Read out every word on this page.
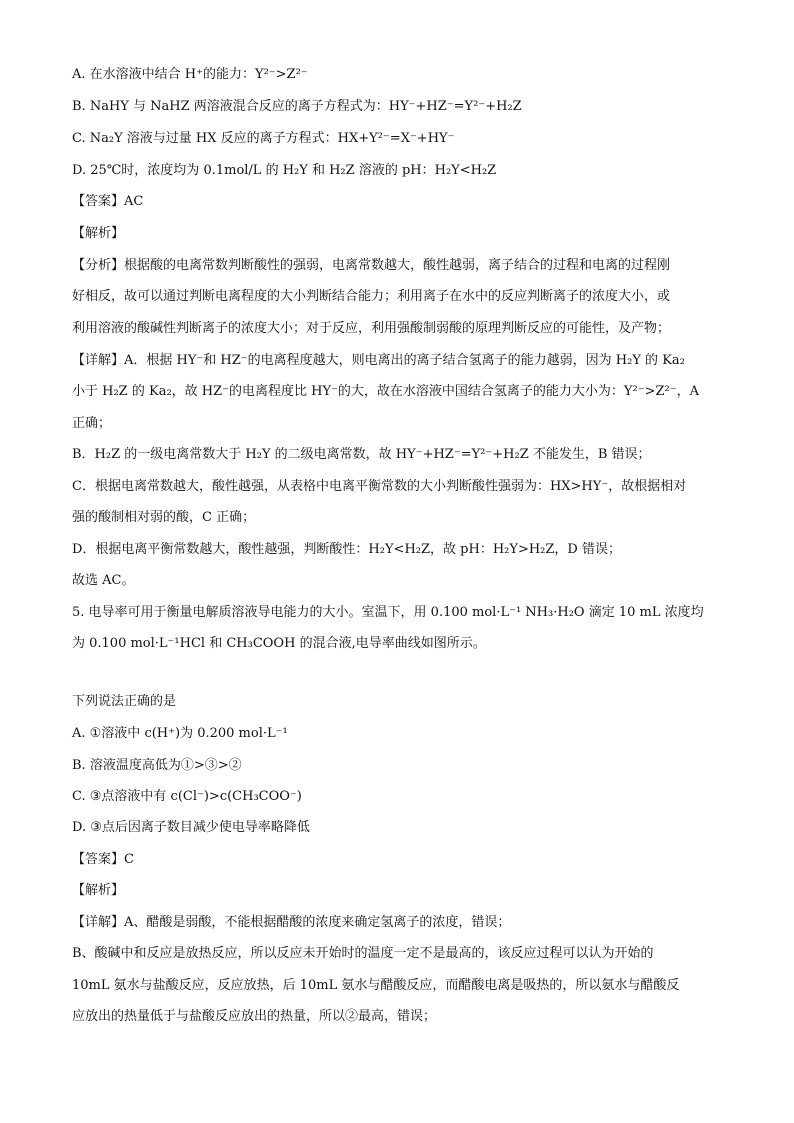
A. 在水溶液中结合 H⁺的能力：Y²⁻>Z²⁻
B. NaHY 与 NaHZ 两溶液混合反应的离子方程式为：HY⁻+HZ⁻=Y²⁻+H₂Z
C. Na₂Y 溶液与过量 HX 反应的离子方程式：HX+Y²⁻=X⁻+HY⁻
D. 25℃时，浓度均为 0.1mol/L 的 H₂Y 和 H₂Z 溶液的 pH：H₂Y<H₂Z
【答案】AC
【解析】
【分析】根据酸的电离常数判断酸性的强弱，电离常数越大，酸性越弱，离子结合的过程和电离的过程刚
好相反，故可以通过判断电离程度的大小判断结合能力；利用离子在水中的反应判断离子的浓度大小，或
利用溶液的酸碱性判断离子的浓度大小；对于反应，利用强酸制弱酸的原理判断反应的可能性，及产物；
【详解】A．根据 HY⁻和 HZ⁻的电离程度越大，则电离出的离子结合氢离子的能力越弱，因为 H₂Y 的 Ka₂
小于 H₂Z 的 Ka₂，故 HZ⁻的电离程度比 HY⁻的大，故在水溶液中国结合氢离子的能力大小为：Y²⁻>Z²⁻，A
正确；
B．H₂Z 的一级电离常数大于 H₂Y 的二级电离常数，故 HY⁻+HZ⁻=Y²⁻+H₂Z 不能发生，B 错误；
C．根据电离常数越大，酸性越强，从表格中电离平衡常数的大小判断酸性强弱为：HX>HY⁻，故根据相对
强的酸制相对弱的酸，C 正确；
D．根据电离平衡常数越大，酸性越强，判断酸性：H₂Y<H₂Z，故 pH：H₂Y>H₂Z，D 错误；
故选 AC。
5. 电导率可用于衡量电解质溶液导电能力的大小。室温下，用 0.100 mol·L⁻¹ NH₃·H₂O 滴定 10 mL 浓度均
为 0.100 mol·L⁻¹HCl 和 CH₃COOH 的混合液,电导率曲线如图所示。
下列说法正确的是
A. ①溶液中 c(H⁺)为 0.200 mol·L⁻¹
B. 溶液温度高低为①>③>②
C. ③点溶液中有 c(Cl⁻)>c(CH₃COO⁻)
D. ③点后因离子数目减少使电导率略降低
【答案】C
【解析】
【详解】A、醋酸是弱酸，不能根据醋酸的浓度来确定氢离子的浓度，错误；
B、酸碱中和反应是放热反应，所以反应未开始时的温度一定不是最高的，该反应过程可以认为开始的
10mL 氨水与盐酸反应，反应放热，后 10mL 氨水与醋酸反应，而醋酸电离是吸热的，所以氨水与醋酸反
应放出的热量低于与盐酸反应放出的热量，所以②最高，错误；
